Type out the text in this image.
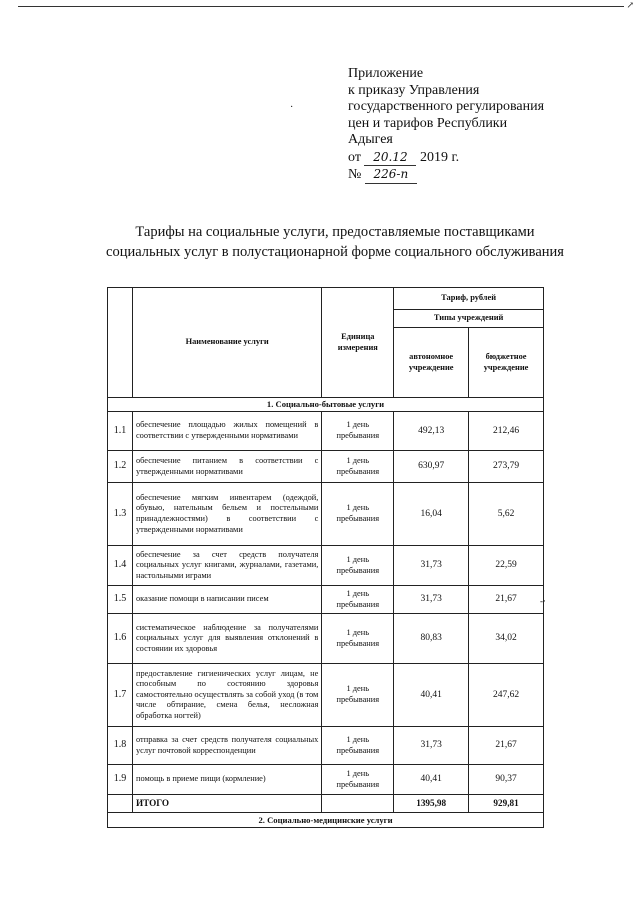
↗
·
Приложение
к приказу Управления
государственного регулирования
цен и тарифов Республики
Адыгея
от 20.12 2019 г.
№ 226-п
Тарифы на социальные услуги, предоставляемые поставщиками
социальных услуг в полустационарной форме социального обслуживания
	Наименование услуги	Единица измерения	Тариф, рублей	
			Типы учреждений	
			автономное учреждение	бюджетное учреждение
1. Социально-бытовые услуги				
1.1	обеспечение площадью жилых помещений в соответствии с утвержденными нормативами	1 день пребывания	492,13	212,46
1.2	обеспечение питанием в соответствии с утвержденными нормативами	1 день пребывания	630,97	273,79
1.3	обеспечение мягким инвентарем (одеждой, обувью, нательным бельем и постельными принадлежностями) в соответствии с утвержденными нормативами	1 день пребывания	16,04	5,62
1.4	обеспечение за счет средств получателя социальных услуг книгами, журналами, газетами, настольными играми	1 день пребывания	31,73	22,59
1.5	оказание помощи в написании писем	1 день пребывания	31,73	21,67
1.6	систематическое наблюдение за получателями социальных услуг для выявления отклонений в состоянии их здоровья	1 день пребывания	80,83	34,02
1.7	предоставление гигиенических услуг лицам, не способным по состоянию здоровья самостоятельно осуществлять за собой уход (в том числе обтирание, смена белья, несложная обработка ногтей)	1 день пребывания	40,41	247,62
1.8	отправка за счет средств получателя социальных услуг почтовой корреспонденции	1 день пребывания	31,73	21,67
1.9	помощь в приеме пищи (кормление)	1 день пребывания	40,41	90,37
	ИТОГО		1395,98	929,81
2. Социально-медицинские услуги				
‑·
